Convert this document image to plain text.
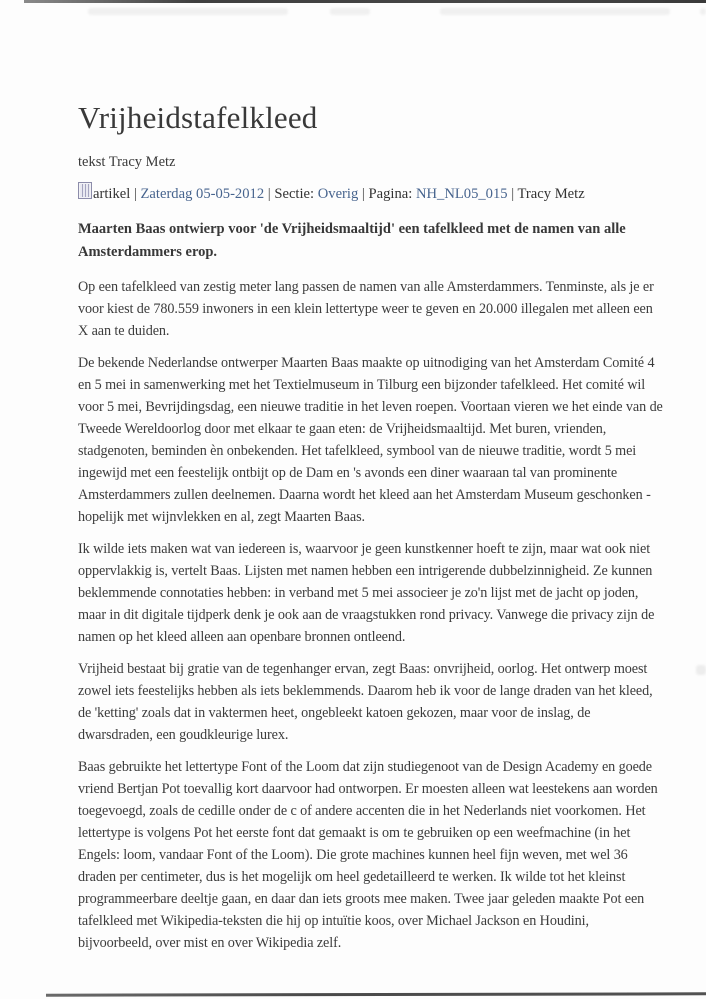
Vrijheidstafelkleed

tekst Tracy Metz

artikel | Zaterdag 05-05-2012 | Sectie: Overig | Pagina: NH_NL05_015 | Tracy Metz

Maarten Baas ontwierp voor 'de Vrijheidsmaaltijd' een tafelkleed met de namen van alle Amsterdammers erop.

Op een tafelkleed van zestig meter lang passen de namen van alle Amsterdammers. Tenminste, als je er voor kiest de 780.559 inwoners in een klein lettertype weer te geven en 20.000 illegalen met alleen een X aan te duiden.

De bekende Nederlandse ontwerper Maarten Baas maakte op uitnodiging van het Amsterdam Comité 4 en 5 mei in samenwerking met het Textielmuseum in Tilburg een bijzonder tafelkleed. Het comité wil voor 5 mei, Bevrijdingsdag, een nieuwe traditie in het leven roepen. Voortaan vieren we het einde van de Tweede Wereldoorlog door met elkaar te gaan eten: de Vrijheidsmaaltijd. Met buren, vrienden, stadgenoten, beminden èn onbekenden. Het tafelkleed, symbool van de nieuwe traditie, wordt 5 mei ingewijd met een feestelijk ontbijt op de Dam en 's avonds een diner waaraan tal van prominente Amsterdammers zullen deelnemen. Daarna wordt het kleed aan het Amsterdam Museum geschonken - hopelijk met wijnvlekken en al, zegt Maarten Baas.

Ik wilde iets maken wat van iedereen is, waarvoor je geen kunstkenner hoeft te zijn, maar wat ook niet oppervlakkig is, vertelt Baas. Lijsten met namen hebben een intrigerende dubbelzinnigheid. Ze kunnen beklemmende connotaties hebben: in verband met 5 mei associeer je zo'n lijst met de jacht op joden, maar in dit digitale tijdperk denk je ook aan de vraagstukken rond privacy. Vanwege die privacy zijn de namen op het kleed alleen aan openbare bronnen ontleend.

Vrijheid bestaat bij gratie van de tegenhanger ervan, zegt Baas: onvrijheid, oorlog. Het ontwerp moest zowel iets feestelijks hebben als iets beklemmends. Daarom heb ik voor de lange draden van het kleed, de 'ketting' zoals dat in vaktermen heet, ongebleekt katoen gekozen, maar voor de inslag, de dwarsdraden, een goudkleurige lurex.

Baas gebruikte het lettertype Font of the Loom dat zijn studiegenoot van de Design Academy en goede vriend Bertjan Pot toevallig kort daarvoor had ontworpen. Er moesten alleen wat leestekens aan worden toegevoegd, zoals de cedille onder de c of andere accenten die in het Nederlands niet voorkomen. Het lettertype is volgens Pot het eerste font dat gemaakt is om te gebruiken op een weefmachine (in het Engels: loom, vandaar Font of the Loom). Die grote machines kunnen heel fijn weven, met wel 36 draden per centimeter, dus is het mogelijk om heel gedetailleerd te werken. Ik wilde tot het kleinst programmeerbare deeltje gaan, en daar dan iets groots mee maken. Twee jaar geleden maakte Pot een tafelkleed met Wikipedia-teksten die hij op intuïtie koos, over Michael Jackson en Houdini, bijvoorbeeld, over mist en over Wikipedia zelf.
